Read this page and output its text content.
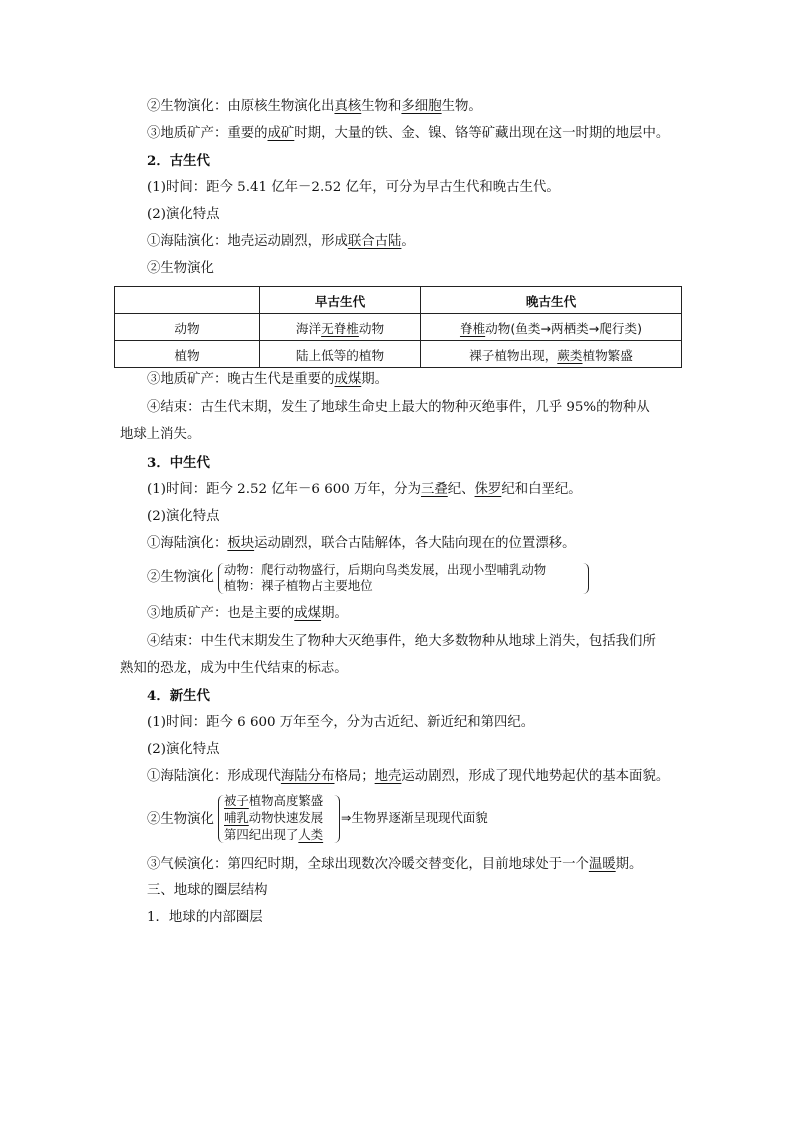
②生物演化：由原核生物演化出真核生物和多细胞生物。
③地质矿产：重要的成矿时期，大量的铁、金、镍、铬等矿藏出现在这一时期的地层中。
2．古生代
(1)时间：距今 5.41 亿年－2.52 亿年，可分为早古生代和晚古生代。
(2)演化特点
①海陆演化：地壳运动剧烈，形成联合古陆。
②生物演化
	早古生代	晚古生代
动物	海洋无脊椎动物	脊椎动物(鱼类→两栖类→爬行类)
植物	陆上低等的植物	裸子植物出现，蕨类植物繁盛
③地质矿产：晚古生代是重要的成煤期。
④结束：古生代末期，发生了地球生命史上最大的物种灭绝事件，几乎 95%的物种从
地球上消失。
3．中生代
(1)时间：距今 2.52 亿年－6 600 万年，分为三叠纪、侏罗纪和白垩纪。
(2)演化特点
①海陆演化：板块运动剧烈，联合古陆解体，各大陆向现在的位置漂移。
②生物演化
动物：爬行动物盛行，后期向鸟类发展，出现小型哺乳动物
植物：裸子植物占主要地位
③地质矿产：也是主要的成煤期。
④结束：中生代末期发生了物种大灭绝事件，绝大多数物种从地球上消失，包括我们所
熟知的恐龙，成为中生代结束的标志。
4．新生代
(1)时间：距今 6 600 万年至今，分为古近纪、新近纪和第四纪。
(2)演化特点
①海陆演化：形成现代海陆分布格局；地壳运动剧烈，形成了现代地势起伏的基本面貌。
②生物演化
被子植物高度繁盛
哺乳动物快速发展
第四纪出现了人类
⇒生物界逐渐呈现现代面貌
③气候演化：第四纪时期，全球出现数次冷暖交替变化，目前地球处于一个温暖期。
三、地球的圈层结构
1．地球的内部圈层
